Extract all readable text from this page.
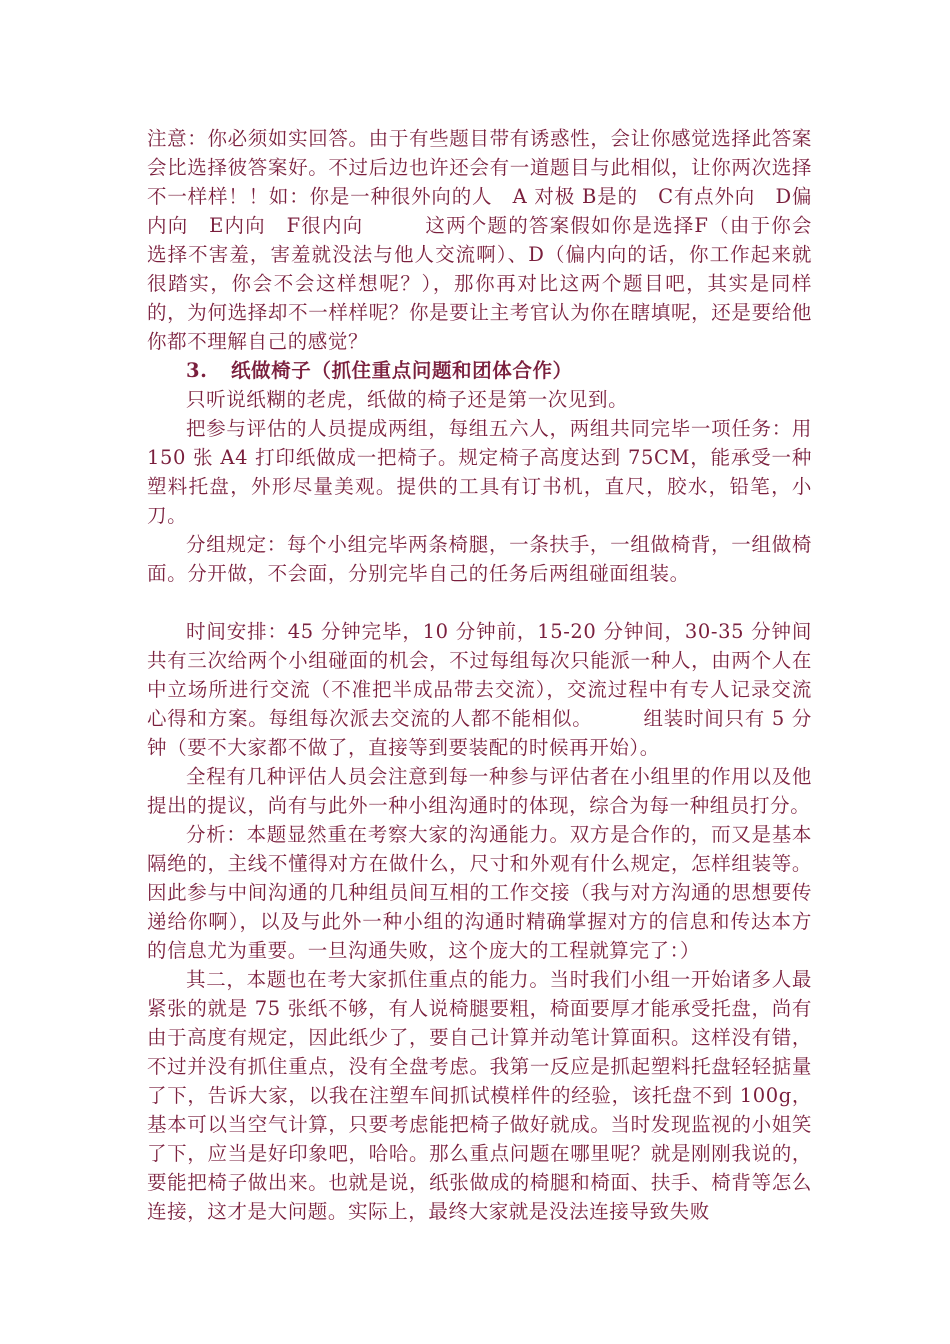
注意：你必须如实回答。由于有些题目带有诱惑性，会让你感觉选择此答案会比选择彼答案好。不过后边也许还会有一道题目与此相似，让你两次选择不一样样！！如：你是一种很外向的人　A 对极 B是的　C有点外向　D偏内向　E内向　F很内向　　　这两个题的答案假如你是选择F（由于你会选择不害羞，害羞就没法与他人交流啊）、D（偏内向的话，你工作起来就很踏实，你会不会这样想呢？），那你再对比这两个题目吧，其实是同样的，为何选择却不一样样呢？你是要让主考官认为你在瞎填呢，还是要给他你都不理解自己的感觉？

3. 纸做椅子（抓住重点问题和团体合作）

只听说纸糊的老虎，纸做的椅子还是第一次见到。

把参与评估的人员提成两组，每组五六人，两组共同完毕一项任务：用 150 张 A4 打印纸做成一把椅子。规定椅子高度达到 75CM，能承受一种塑料托盘，外形尽量美观。提供的工具有订书机，直尺，胶水，铅笔，小刀。

分组规定：每个小组完毕两条椅腿，一条扶手，一组做椅背，一组做椅面。分开做，不会面，分别完毕自己的任务后两组碰面组装。

时间安排：45 分钟完毕，10 分钟前，15-20 分钟间，30-35 分钟间共有三次给两个小组碰面的机会，不过每组每次只能派一种人，由两个人在中立场所进行交流（不准把半成品带去交流），交流过程中有专人记录交流心得和方案。每组每次派去交流的人都不能相似。　　　组装时间只有 5 分钟（要不大家都不做了，直接等到要装配的时候再开始）。

全程有几种评估人员会注意到每一种参与评估者在小组里的作用以及他提出的提议，尚有与此外一种小组沟通时的体现，综合为每一种组员打分。

分析：本题显然重在考察大家的沟通能力。双方是合作的，而又是基本隔绝的，主线不懂得对方在做什么，尺寸和外观有什么规定，怎样组装等。因此参与中间沟通的几种组员间互相的工作交接（我与对方沟通的思想要传递给你啊），以及与此外一种小组的沟通时精确掌握对方的信息和传达本方的信息尤为重要。一旦沟通失败，这个庞大的工程就算完了：）

其二，本题也在考大家抓住重点的能力。当时我们小组一开始诸多人最紧张的就是 75 张纸不够，有人说椅腿要粗，椅面要厚才能承受托盘，尚有由于高度有规定，因此纸少了，要自己计算并动笔计算面积。这样没有错，不过并没有抓住重点，没有全盘考虑。我第一反应是抓起塑料托盘轻轻掂量了下，告诉大家，以我在注塑车间抓试模样件的经验，该托盘不到 100g，基本可以当空气计算，只要考虑能把椅子做好就成。当时发现监视的小姐笑了下，应当是好印象吧，哈哈。那么重点问题在哪里呢？就是刚刚我说的，要能把椅子做出来。也就是说，纸张做成的椅腿和椅面、扶手、椅背等怎么连接，这才是大问题。实际上，最终大家就是没法连接导致失败
